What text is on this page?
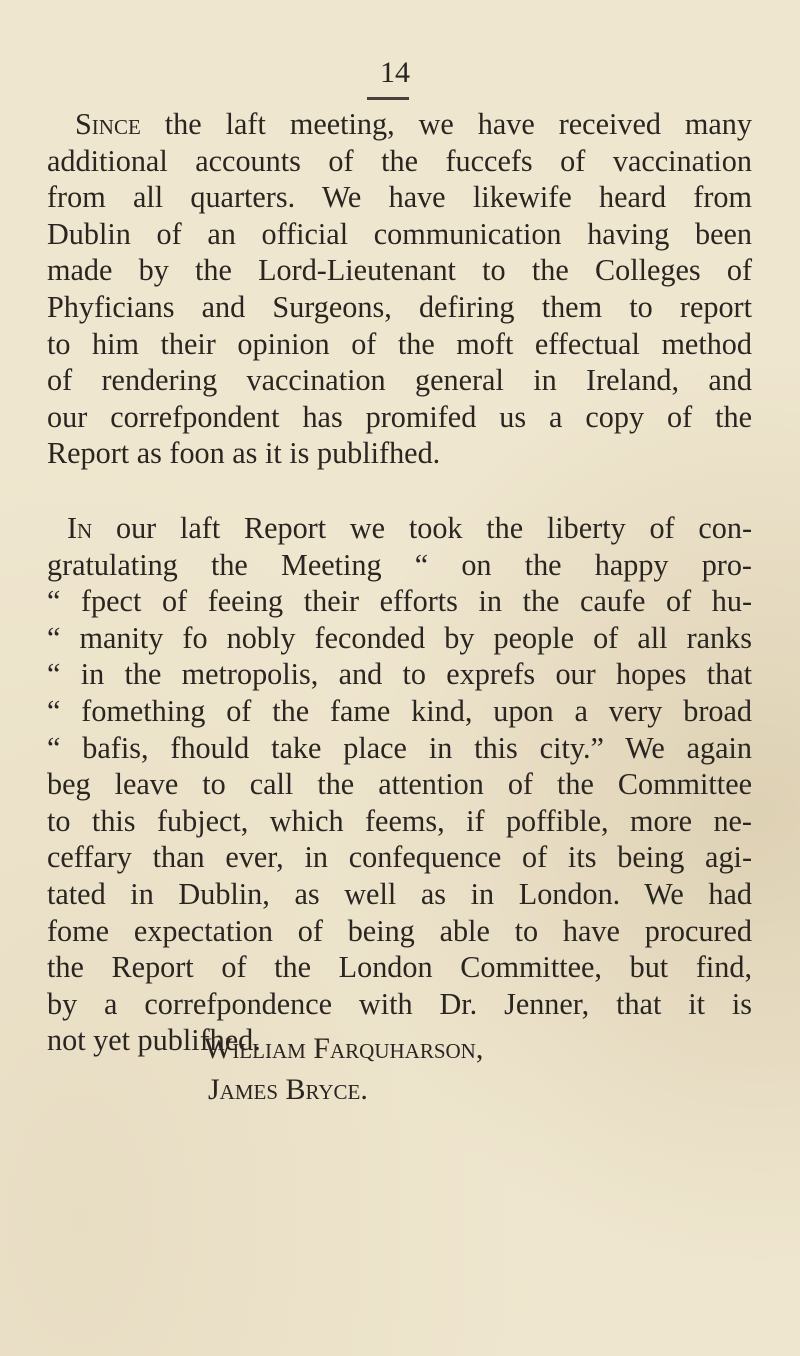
14
Since the laft meeting, we have received many
additional accounts of the fuccefs of vaccination
from all quarters. We have likewife heard from
Dublin of an official communication having been
made by the Lord-Lieutenant to the Colleges of
Phyficians and Surgeons, defiring them to report
to him their opinion of the moft effectual method
of rendering vaccination general in Ireland, and
our correfpondent has promifed us a copy of the
Report as foon as it is publifhed.
In our laft Report we took the liberty of con-
gratulating the Meeting “ on the happy pro-
“ fpect of feeing their efforts in the caufe of hu-
“ manity fo nobly feconded by people of all ranks
“ in the metropolis, and to exprefs our hopes that
“ fomething of the fame kind, upon a very broad
“ bafis, fhould take place in this city.” We again
beg leave to call the attention of the Committee
to this fubject, which feems, if poffible, more ne-
ceffary than ever, in confequence of its being agi-
tated in Dublin, as well as in London. We had
fome expectation of being able to have procured
the Report of the London Committee, but find,
by a correfpondence with Dr. Jenner, that it is
not yet publifhed.
William Farquharson,
James Bryce.
